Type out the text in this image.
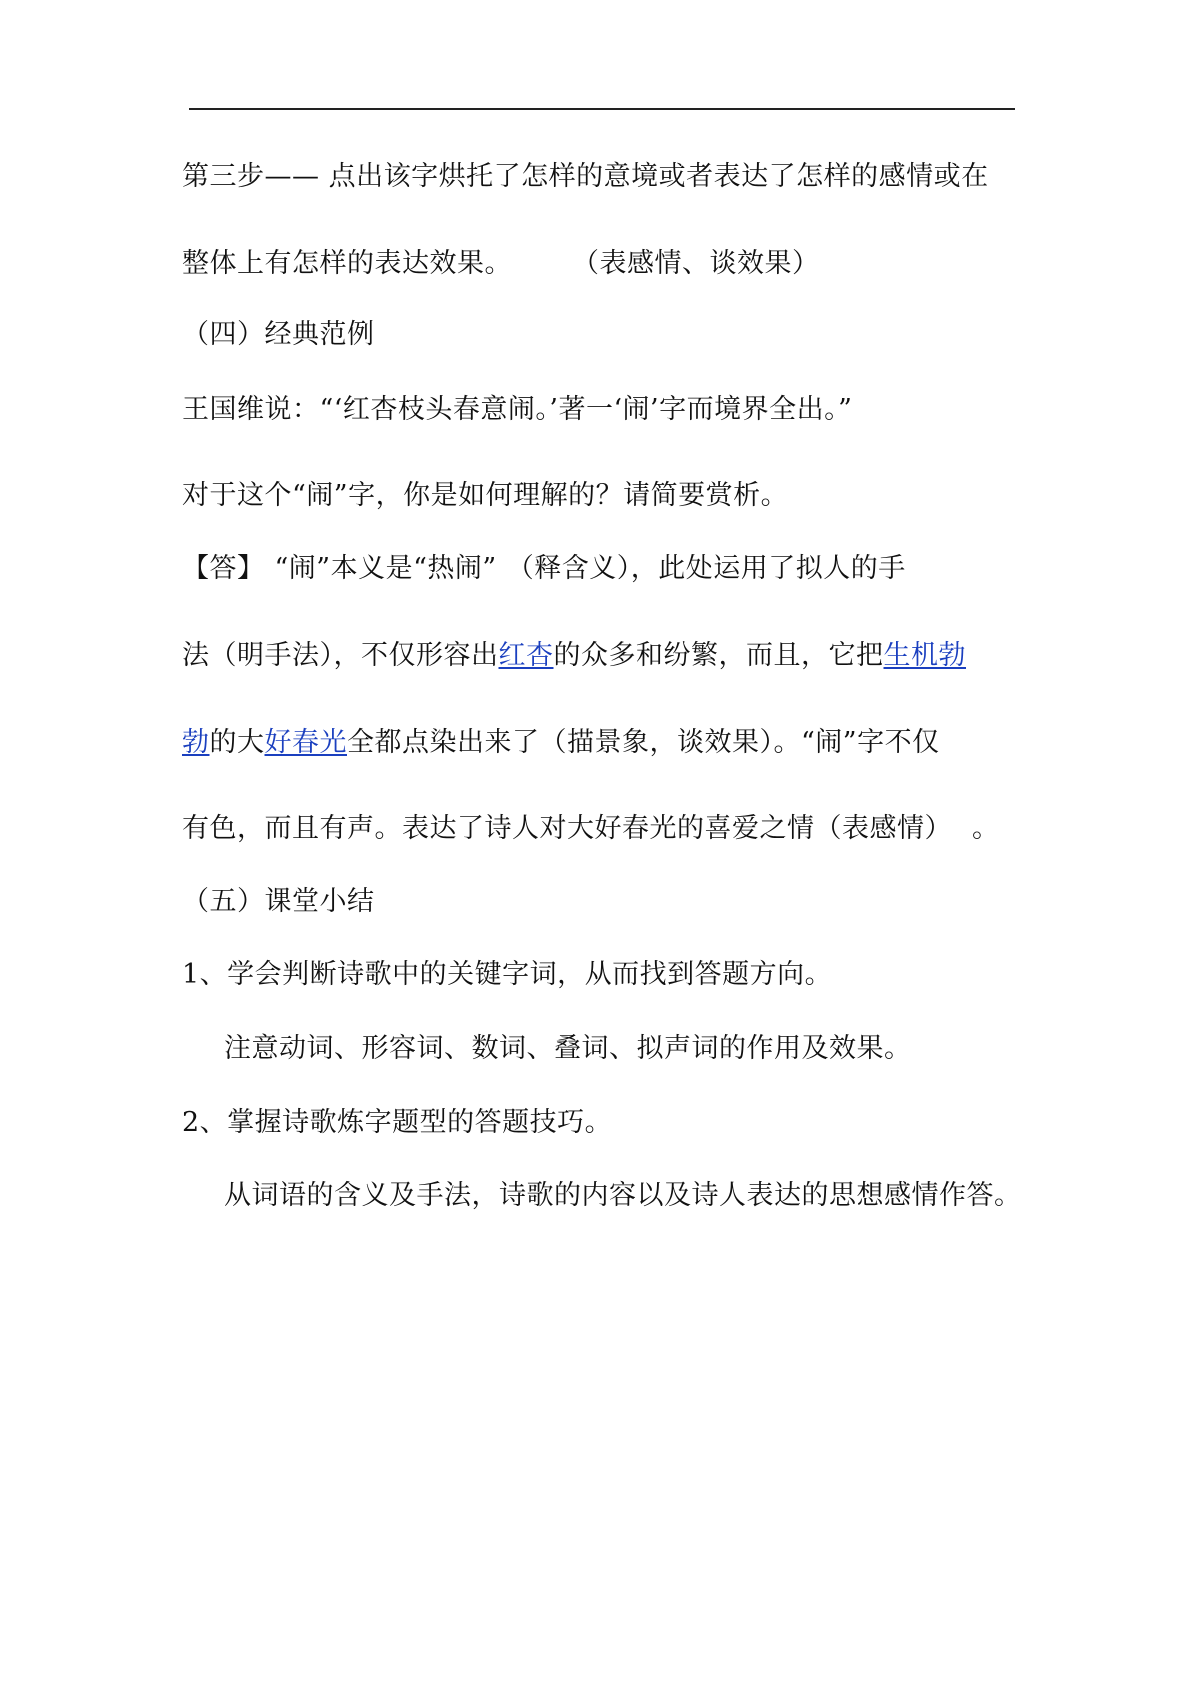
第三步—— 点出该字烘托了怎样的意境或者表达了怎样的感情或在
整体上有怎样的表达效果。 （表感情、谈效果）
（四）经典范例
王国维说：“‘红杏枝头春意闹。’著一‘闹’字而境界全出。”
对于这个“闹”字，你是如何理解的？请简要赏析。
【答】 “闹”本义是“热闹” （释含义），此处运用了拟人的手
法（明手法），不仅形容出红杏的众多和纷繁，而且，它把生机勃
勃的大好春光全都点染出来了（描景象，谈效果）。“闹”字不仅
有色，而且有声。表达了诗人对大好春光的喜爱之情（表感情） 。
（五）课堂小结
1、学会判断诗歌中的关键字词，从而找到答题方向。
注意动词、形容词、数词、叠词、拟声词的作用及效果。
2、掌握诗歌炼字题型的答题技巧。
从词语的含义及手法，诗歌的内容以及诗人表达的思想感情作答。
